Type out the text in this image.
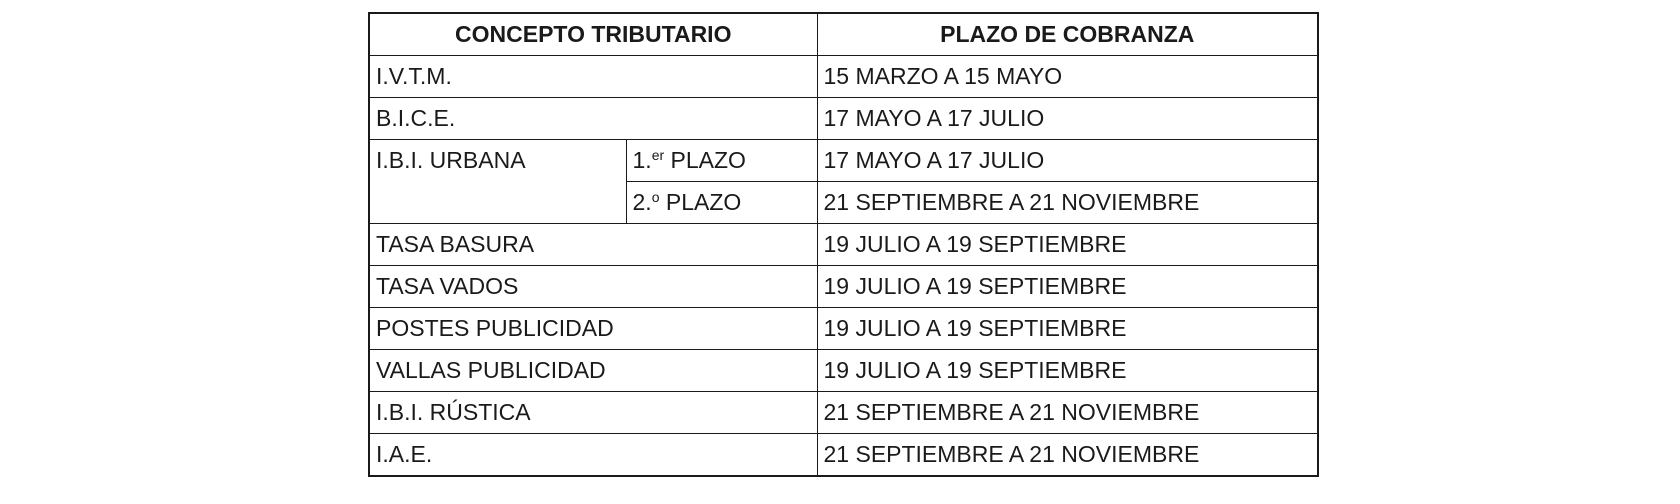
CONCEPTO TRIBUTARIO		PLAZO DE COBRANZA
I.V.T.M.		15 MARZO A 15 MAYO
B.I.C.E.		17 MAYO A 17 JULIO
I.B.I. URBANA	1.$^{er}$ PLAZO	17 MAYO A 17 JULIO
	2.$^o$ PLAZO	21 SEPTIEMBRE A 21 NOVIEMBRE
TASA BASURA		19 JULIO A 19 SEPTIEMBRE
TASA VADOS		19 JULIO A 19 SEPTIEMBRE
POSTES PUBLICIDAD		19 JULIO A 19 SEPTIEMBRE
VALLAS PUBLICIDAD		19 JULIO A 19 SEPTIEMBRE
I.B.I. RÚSTICA		21 SEPTIEMBRE A 21 NOVIEMBRE
I.A.E.		21 SEPTIEMBRE A 21 NOVIEMBRE
